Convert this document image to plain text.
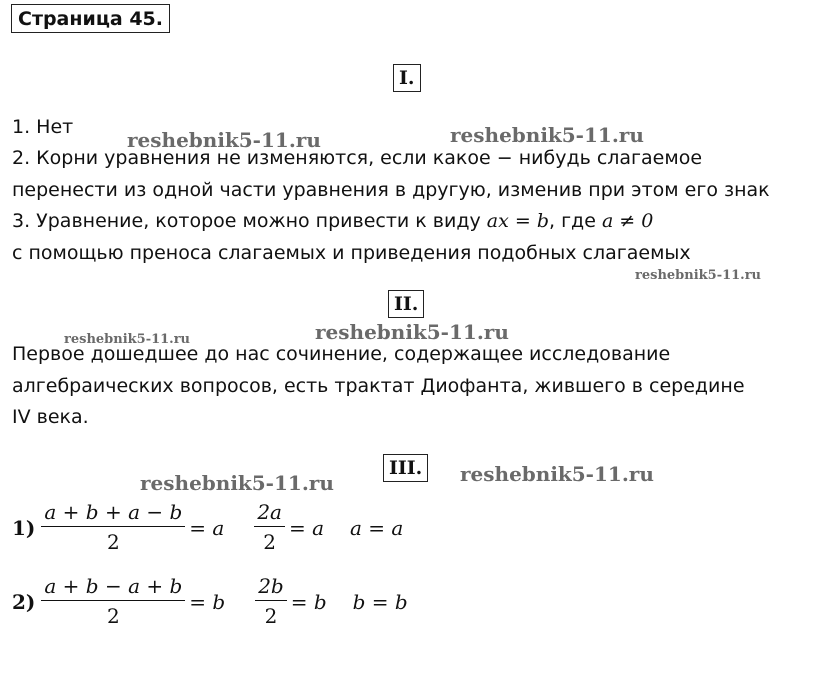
Страница 45.
I.
1. Нет
reshebnik5-11.ru	reshebnik5-11.ru
2. Корни уравнения не изменяются, если какое − нибудь слагаемое
перенести из одной части уравнения в другую, изменив при этом его знак
3. Уравнение, которое можно привести к виду ax = b, где a ≠ 0
с помощью преноса слагаемых и приведения подобных слагаемых
reshebnik5-11.ru
II.
reshebnik5-11.ru	reshebnik5-11.ru
Первое дошедшее до нас сочинение, содержащее исследование
алгебраических вопросов, есть трактат Диофанта, жившего в середине
IV века.
III.
reshebnik5-11.ru	reshebnik5-11.ru
$1) \frac{a + b + a - b}{2} = a \frac{2a}{2} = a$ a = a
$2) \frac{a + b - a + b}{2} = b \frac{2b}{2} = b$ b = b
